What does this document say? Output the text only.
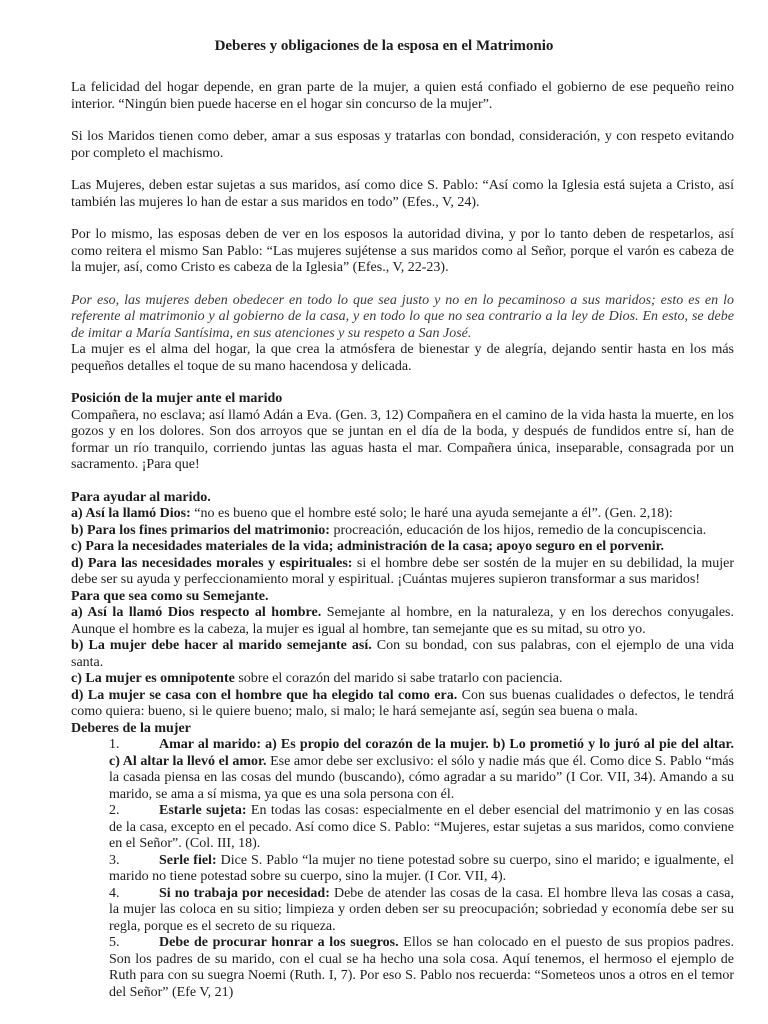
Deberes y obligaciones de la esposa en el Matrimonio

La felicidad del hogar depende, en gran parte de la mujer, a quien está confiado el gobierno de ese pequeño reino interior. “Ningún bien puede hacerse en el hogar sin concurso de la mujer”.

Si los Maridos tienen como deber, amar a sus esposas y tratarlas con bondad, consideración, y con respeto evitando por completo el machismo.

Las Mujeres, deben estar sujetas a sus maridos, así como dice S. Pablo: “Así como la Iglesia está sujeta a Cristo, así también las mujeres lo han de estar a sus maridos en todo” (Efes., V, 24).

Por lo mismo, las esposas deben de ver en los esposos la autoridad divina, y por lo tanto deben de respetarlos, así como reitera el mismo San Pablo: “Las mujeres sujétense a sus maridos como al Señor, porque el varón es cabeza de la mujer, así, como Cristo es cabeza de la Iglesia” (Efes., V, 22-23).

Por eso, las mujeres deben obedecer en todo lo que sea justo y no en lo pecaminoso a sus maridos; esto es en lo referente al matrimonio y al gobierno de la casa, y en todo lo que no sea contrario a la ley de Dios. En esto, se debe de imitar a María Santísima, en sus atenciones y su respeto a San José.

La mujer es el alma del hogar, la que crea la atmósfera de bienestar y de alegría, dejando sentir hasta en los más pequeños detalles el toque de su mano hacendosa y delicada.

Posición de la mujer ante el marido

Compañera, no esclava; así llamó Adán a Eva. (Gen. 3, 12) Compañera en el camino de la vida hasta la muerte, en los gozos y en los dolores. Son dos arroyos que se juntan en el día de la boda, y después de fundidos entre sí, han de formar un río tranquilo, corriendo juntas las aguas hasta el mar. Compañera única, inseparable, consagrada por un sacramento. ¡Para que!

Para ayudar al marido.

a) Así la llamó Dios: “no es bueno que el hombre esté solo; le haré una ayuda semejante a él”. (Gen. 2,18):

b) Para los fines primarios del matrimonio: procreación, educación de los hijos, remedio de la concupiscencia.

c) Para la necesidades materiales de la vida; administración de la casa; apoyo seguro en el porvenir.

d) Para las necesidades morales y espirituales: si el hombre debe ser sostén de la mujer en su debilidad, la mujer debe ser su ayuda y perfeccionamiento moral y espiritual. ¡Cuántas mujeres supieron transformar a sus maridos!

Para que sea como su Semejante.

a) Así la llamó Dios respecto al hombre. Semejante al hombre, en la naturaleza, y en los derechos conyugales. Aunque el hombre es la cabeza, la mujer es igual al hombre, tan semejante que es su mitad, su otro yo.

b) La mujer debe hacer al marido semejante así. Con su bondad, con sus palabras, con el ejemplo de una vida santa.

c) La mujer es omnipotente sobre el corazón del marido si sabe tratarlo con paciencia.

d) La mujer se casa con el hombre que ha elegido tal como era. Con sus buenas cualidades o defectos, le tendrá como quiera: bueno, si le quiere bueno; malo, si malo; le hará semejante así, según sea buena o mala.

Deberes de la mujer

1.	Amar al marido: a) Es propio del corazón de la mujer. b) Lo prometió y lo juró al pie del altar. c) Al altar la llevó el amor. Ese amor debe ser exclusivo: el sólo y nadie más que él. Como dice S. Pablo “más la casada piensa en las cosas del mundo (buscando), cómo agradar a su marido” (I Cor. VII, 34). Amando a su marido, se ama a sí misma, ya que es una sola persona con él.

2.	Estarle sujeta: En todas las cosas: especialmente en el deber esencial del matrimonio y en las cosas de la casa, excepto en el pecado. Así como dice S. Pablo: “Mujeres, estar sujetas a sus maridos, como conviene en el Señor”. (Col. III, 18).

3.	Serle fiel: Dice S. Pablo “la mujer no tiene potestad sobre su cuerpo, sino el marido; e igualmente, el marido no tiene potestad sobre su cuerpo, sino la mujer. (I Cor. VII, 4).

4.	Si no trabaja por necesidad: Debe de atender las cosas de la casa. El hombre lleva las cosas a casa, la mujer las coloca en su sitio; limpieza y orden deben ser su preocupación; sobriedad y economía debe ser su regla, porque es el secreto de su riqueza.

5.	Debe de procurar honrar a los suegros. Ellos se han colocado en el puesto de sus propios padres. Son los padres de su marido, con el cual se ha hecho una sola cosa. Aquí tenemos, el hermoso el ejemplo de Ruth para con su suegra Noemi (Ruth. I, 7). Por eso S. Pablo nos recuerda: “Someteos unos a otros en el temor del Señor” (Efe V, 21)
